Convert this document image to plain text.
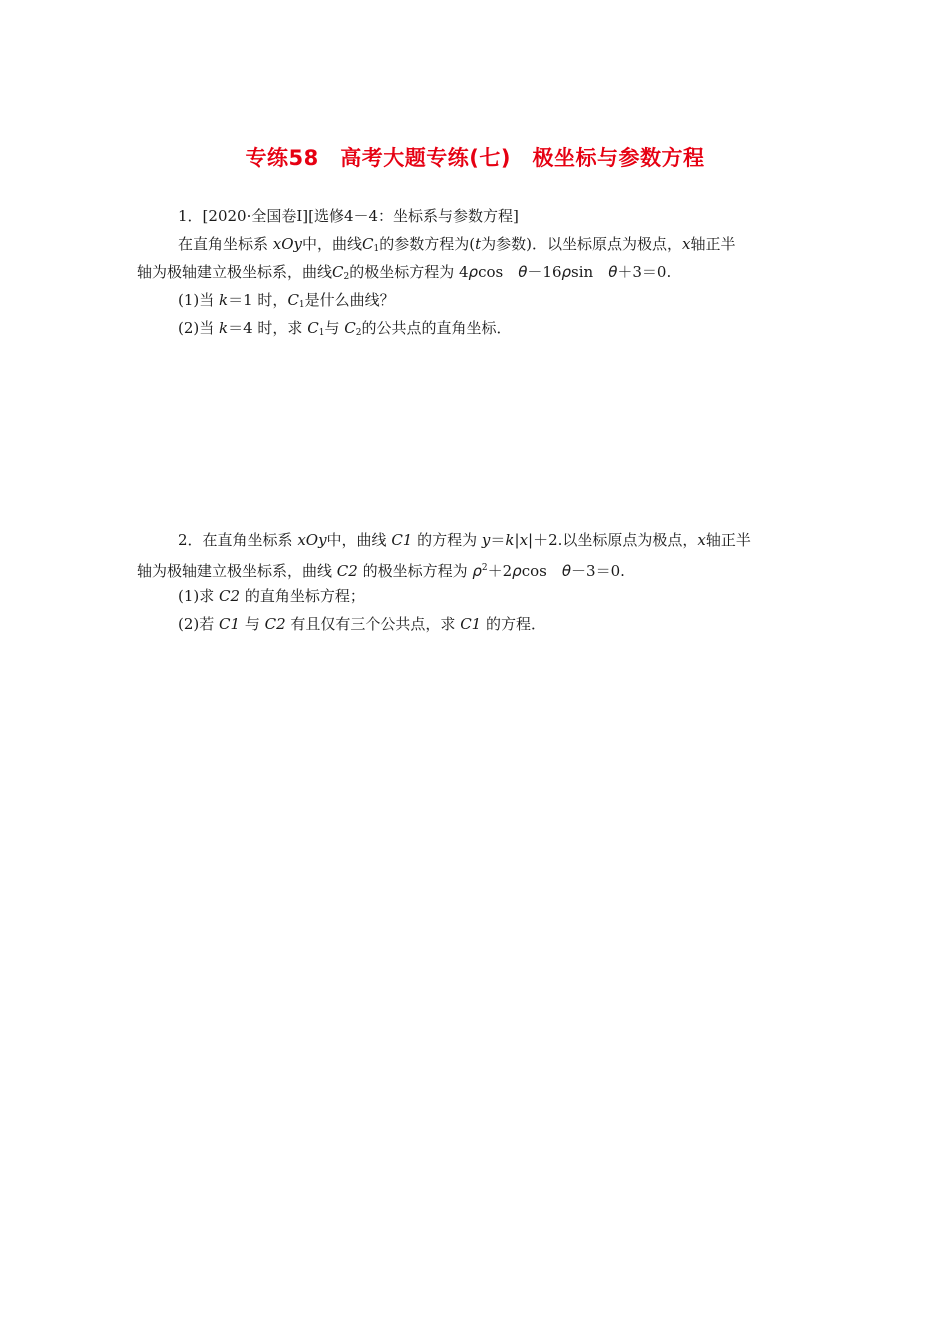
专练58　高考大题专练(七)　极坐标与参数方程
1．[2020·全国卷Ⅰ][选修4－4：坐标系与参数方程]
在直角坐标系 xOy中，曲线$C_1$的参数方程为(t为参数)．以坐标原点为极点，x轴正半
轴为极轴建立极坐标系，曲线$C_2$的极坐标方程为 4ρcos　θ－16ρsin　θ＋3＝0.
(1)当 k＝1 时，$C_1$是什么曲线？
(2)当 k＝4 时，求 $C_1$与 $C_2$的公共点的直角坐标．
2．在直角坐标系 xOy中，曲线 C1 的方程为 y＝k|x|＋2.以坐标原点为极点，x轴正半
轴为极轴建立极坐标系，曲线 C2 的极坐标方程为 $\rho^2+2\rho\cos$　θ－3＝0.
(1)求 C2 的直角坐标方程；
(2)若 C1 与 C2 有且仅有三个公共点，求 C1 的方程．
